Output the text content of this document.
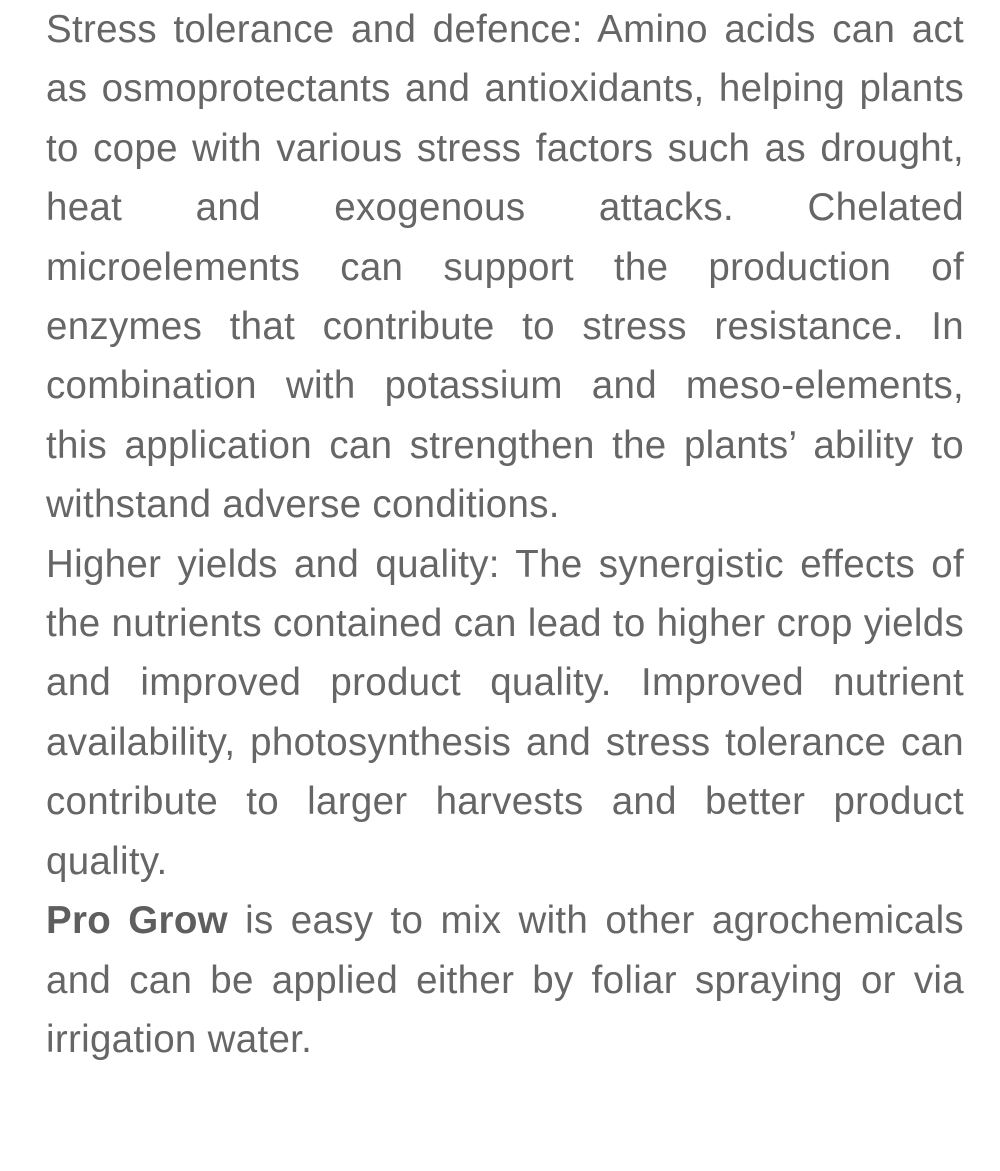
Stress tolerance and defence: Amino acids can act as osmoprotectants and antioxidants, helping plants to cope with various stress factors such as drought, heat and exogenous attacks. Chelated microelements can support the production of enzymes that contribute to stress resistance. In combination with potassium and meso-elements, this application can strengthen the plants’ ability to withstand adverse conditions.

Higher yields and quality: The synergistic effects of the nutrients contained can lead to higher crop yields and improved product quality. Improved nutrient availability, photosynthesis and stress tolerance can contribute to larger harvests and better product quality.

Pro Grow is easy to mix with other agrochemicals and can be applied either by foliar spraying or via irrigation water.
